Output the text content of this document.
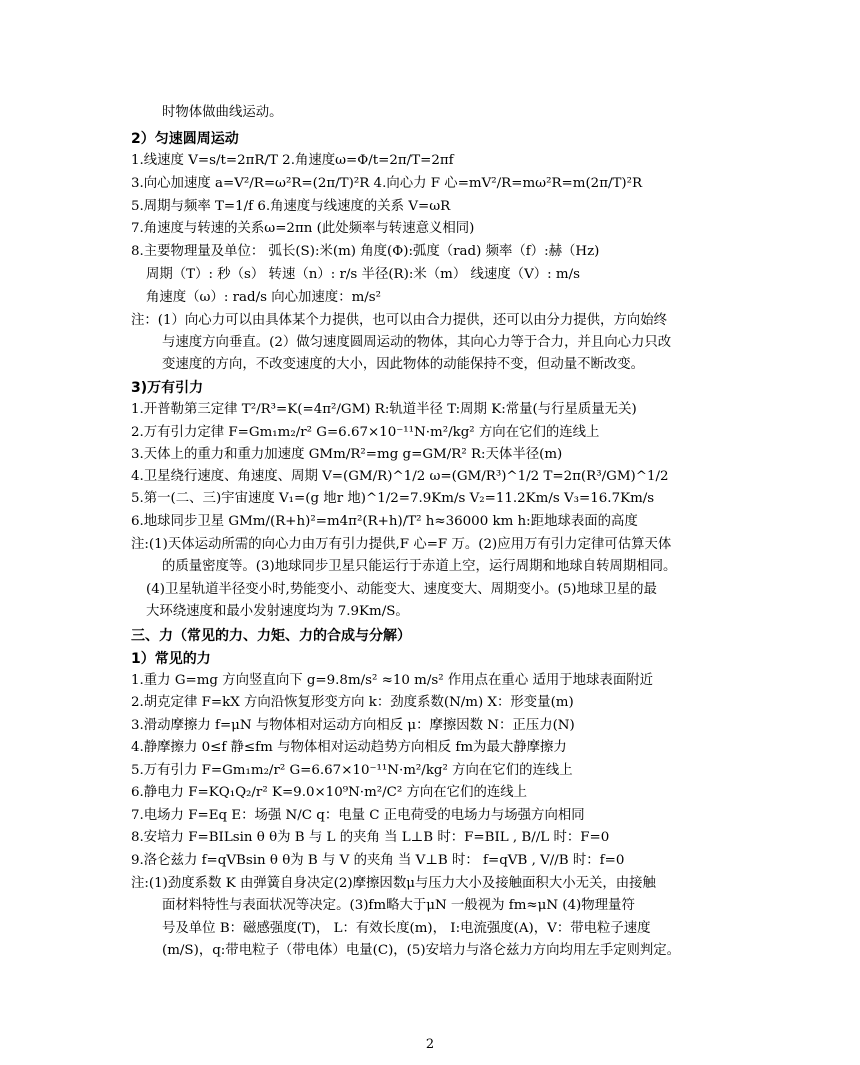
时物体做曲线运动。
2）匀速圆周运动
1.线速度 V=s/t=2πR/T 2.角速度ω=Φ/t=2π/T=2πf
3.向心加速度 a=V²/R=ω²R=(2π/T)²R 4.向心力 F 心=mV²/R=mω²R=m(2π/T)²R
5.周期与频率 T=1/f 6.角速度与线速度的关系 V=ωR
7.角速度与转速的关系ω=2πn (此处频率与转速意义相同)
8.主要物理量及单位： 弧长(S):米(m) 角度(Φ):弧度（rad) 频率（f）:赫（Hz)
周期（T）: 秒（s） 转速（n）: r/s 半径(R):米（m） 线速度（V）: m/s
角速度（ω）: rad/s 向心加速度：m/s²
注：(1）向心力可以由具体某个力提供，也可以由合力提供，还可以由分力提供，方向始终
与速度方向垂直。(2）做匀速度圆周运动的物体，其向心力等于合力，并且向心力只改
变速度的方向，不改变速度的大小，因此物体的动能保持不变，但动量不断改变。
3)万有引力
1.开普勒第三定律 T²/R³=K(=4π²/GM) R:轨道半径 T:周期 K:常量(与行星质量无关)
2.万有引力定律 F=Gm₁m₂/r² G=6.67×10⁻¹¹N·m²/kg² 方向在它们的连线上
3.天体上的重力和重力加速度 GMm/R²=mg g=GM/R² R:天体半径(m)
4.卫星绕行速度、角速度、周期 V=(GM/R)^1/2 ω=(GM/R³)^1/2 T=2π(R³/GM)^1/2
5.第一(二、三)宇宙速度 V₁=(g 地r 地)^1/2=7.9Km/s V₂=11.2Km/s V₃=16.7Km/s
6.地球同步卫星 GMm/(R+h)²=m4π²(R+h)/T² h≈36000 km h:距地球表面的高度
注:(1)天体运动所需的向心力由万有引力提供,F 心=F 万。(2)应用万有引力定律可估算天体
的质量密度等。(3)地球同步卫星只能运行于赤道上空，运行周期和地球自转周期相同。
(4)卫星轨道半径变小时,势能变小、动能变大、速度变大、周期变小。(5)地球卫星的最
大环绕速度和最小发射速度均为 7.9Km/S。
三、力（常见的力、力矩、力的合成与分解）
1）常见的力
1.重力 G=mg 方向竖直向下 g=9.8m/s² ≈10 m/s² 作用点在重心 适用于地球表面附近
2.胡克定律 F=kX 方向沿恢复形变方向 k：劲度系数(N/m) X：形变量(m)
3.滑动摩擦力 f=μN 与物体相对运动方向相反 μ：摩擦因数 N：正压力(N)
4.静摩擦力 0≤f 静≤fm 与物体相对运动趋势方向相反 fm为最大静摩擦力
5.万有引力 F=Gm₁m₂/r² G=6.67×10⁻¹¹N·m²/kg² 方向在它们的连线上
6.静电力 F=KQ₁Q₂/r² K=9.0×10⁹N·m²/C² 方向在它们的连线上
7.电场力 F=Eq E：场强 N/C q：电量 C 正电荷受的电场力与场强方向相同
8.安培力 F=BILsin θ θ为 B 与 L 的夹角 当 L⊥B 时：F=BIL , B//L 时：F=0
9.洛仑兹力 f=qVBsin θ θ为 B 与 V 的夹角 当 V⊥B 时： f=qVB , V//B 时：f=0
注:(1)劲度系数 K 由弹簧自身决定(2)摩擦因数μ与压力大小及接触面积大小无关，由接触
面材料特性与表面状况等决定。(3)fm略大于μN 一般视为 fm≈μN (4)物理量符
号及单位 B：磁感强度(T)， L：有效长度(m)， I:电流强度(A)，V：带电粒子速度
(m/S)，q:带电粒子（带电体）电量(C)，(5)安培力与洛仑兹力方向均用左手定则判定。
2
